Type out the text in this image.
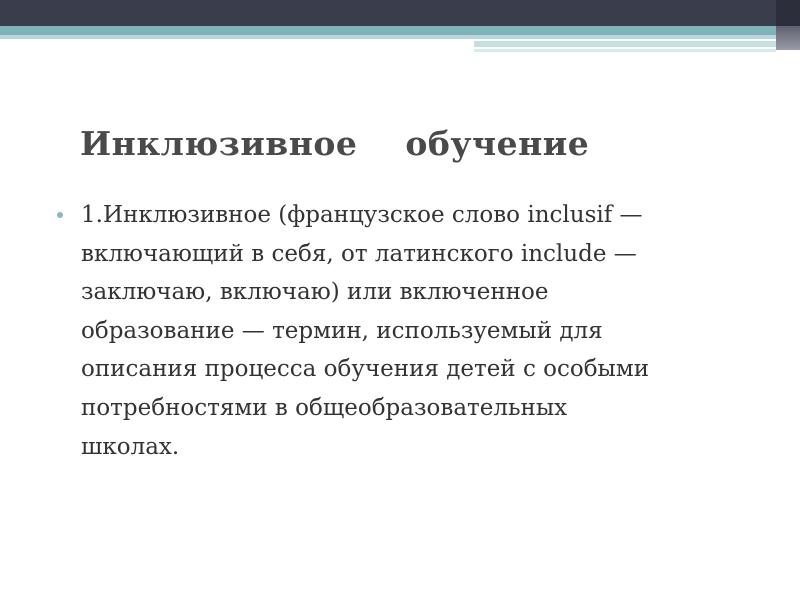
Инклюзивное    обучение
1.Инклюзивное (французское слово inclusif —
включающий в себя, от латинского include —
заключаю, включаю) или включенное
образование — термин, используемый для
описания процесса обучения детей с особыми
потребностями в общеобразовательных
школах.
